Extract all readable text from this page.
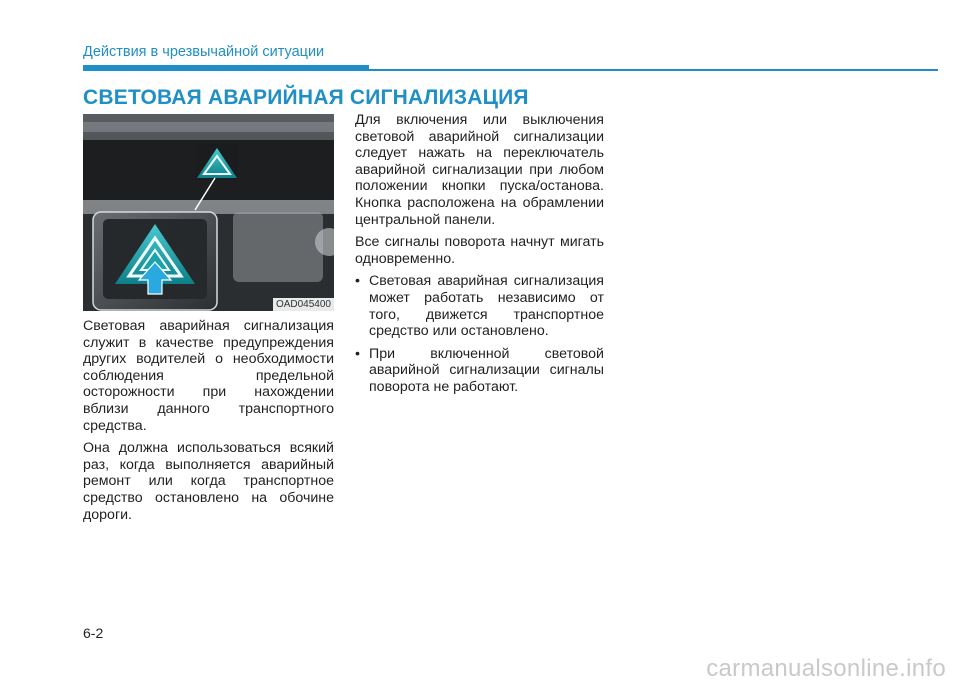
Действия в чрезвычайной ситуации
СВЕТОВАЯ АВАРИЙНАЯ СИГНАЛИЗАЦИЯ
OAD045400

Световая аварийная сигнализация служит в качестве предупреждения других водителей о необходимости соблюдения предельной осторожности при нахождении вблизи данного транспортного средства.

Она должна использоваться всякий раз, когда выполняется аварийный ремонт или когда транспортное средство остановлено на обочине дороги.

Для включения или выключения световой аварийной сигнализации следует нажать на переключатель аварийной сигнализации при любом положении кнопки пуска/останова. Кнопка расположена на обрамлении центральной панели.

Все сигналы поворота начнут мигать одновременно.

• Световая аварийная сигнализация может работать независимо от того, движется транспортное средство или остановлено.
• При включенной световой аварийной сигнализации сигналы поворота не работают.
6-2
carmanualsonline.info
